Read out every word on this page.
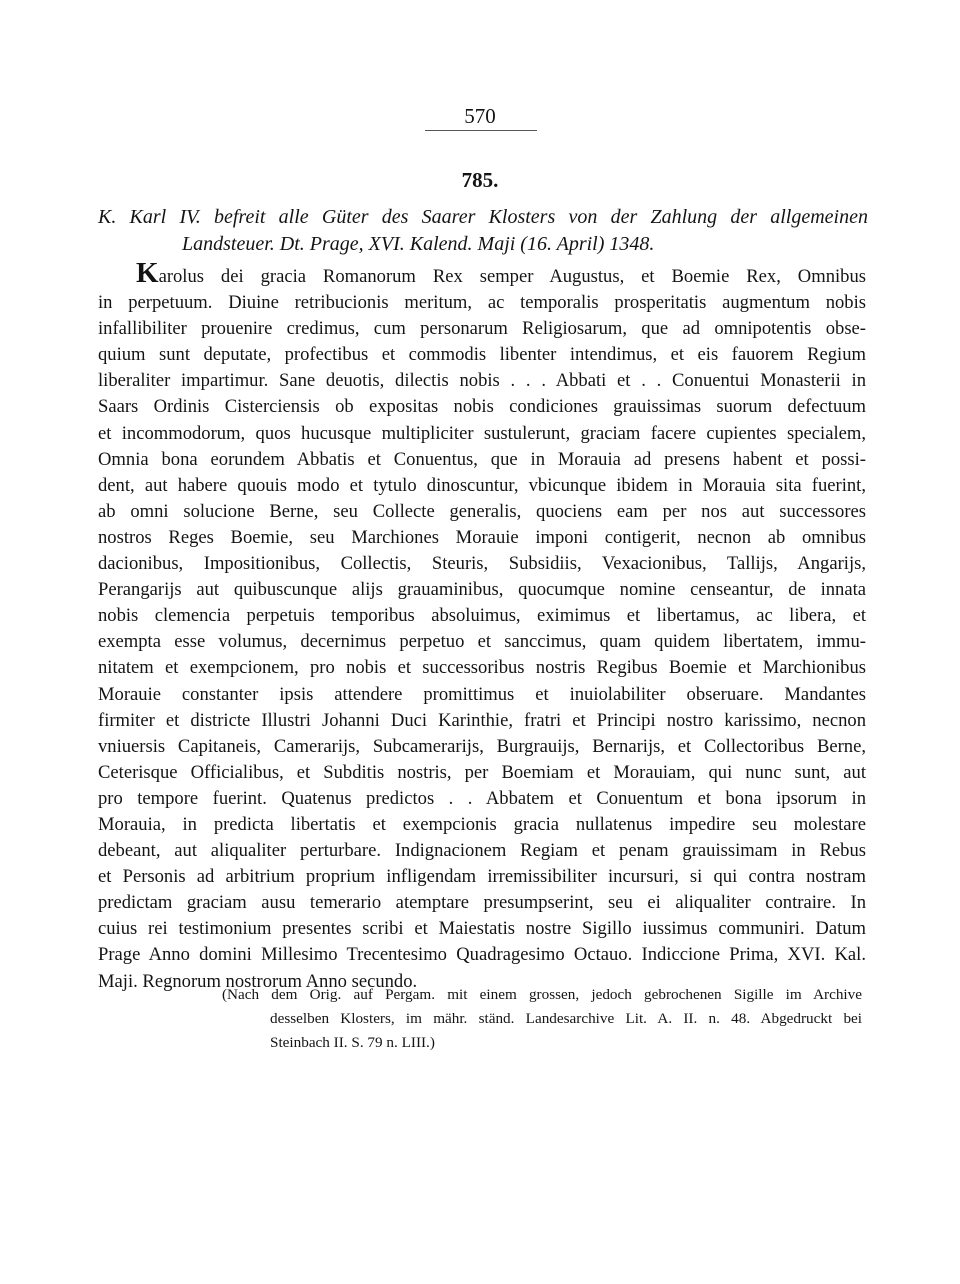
570
785.
K. Karl IV. befreit alle Güter des Saarer Klosters von der Zahlung der allgemeinen
Landsteuer. Dt. Prage, XVI. Kalend. Maji (16. April) 1348.
Karolus dei gracia Romanorum Rex semper Augustus, et Boemie Rex, Omnibus
in perpetuum. Diuine retribucionis meritum, ac temporalis prosperitatis augmentum nobis
infallibiliter prouenire credimus, cum personarum Religiosarum, que ad omnipotentis obse-
quium sunt deputate, profectibus et commodis libenter intendimus, et eis fauorem Regium
liberaliter impartimur. Sane deuotis, dilectis nobis . . . Abbati et . . Conuentui Monasterii in
Saars Ordinis Cisterciensis ob expositas nobis condiciones grauissimas suorum defectuum
et incommodorum, quos hucusque multipliciter sustulerunt, graciam facere cupientes specialem,
Omnia bona eorundem Abbatis et Conuentus, que in Morauia ad presens habent et possi-
dent, aut habere quouis modo et tytulo dinoscuntur, vbicunque ibidem in Morauia sita fuerint,
ab omni solucione Berne, seu Collecte generalis, quociens eam per nos aut successores
nostros Reges Boemie, seu Marchiones Morauie imponi contigerit, necnon ab omnibus
dacionibus, Impositionibus, Collectis, Steuris, Subsidiis, Vexacionibus, Tallijs, Angarijs,
Perangarijs aut quibuscunque alijs grauaminibus, quocumque nomine censeantur, de innata
nobis clemencia perpetuis temporibus absoluimus, eximimus et libertamus, ac libera, et
exempta esse volumus, decernimus perpetuo et sanccimus, quam quidem libertatem, immu-
nitatem et exempcionem, pro nobis et successoribus nostris Regibus Boemie et Marchionibus
Morauie constanter ipsis attendere promittimus et inuiolabiliter obseruare. Mandantes
firmiter et districte Illustri Johanni Duci Karinthie, fratri et Principi nostro karissimo, necnon
vniuersis Capitaneis, Camerarijs, Subcamerarijs, Burgrauijs, Bernarijs, et Collectoribus Berne,
Ceterisque Officialibus, et Subditis nostris, per Boemiam et Morauiam, qui nunc sunt, aut
pro tempore fuerint. Quatenus predictos . . Abbatem et Conuentum et bona ipsorum in
Morauia, in predicta libertatis et exempcionis gracia nullatenus impedire seu molestare
debeant, aut aliqualiter perturbare. Indignacionem Regiam et penam grauissimam in Rebus
et Personis ad arbitrium proprium infligendam irremissibiliter incursuri, si qui contra nostram
predictam graciam ausu temerario atemptare presumpserint, seu ei aliqualiter contraire. In
cuius rei testimonium presentes scribi et Maiestatis nostre Sigillo iussimus communiri. Datum
Prage Anno domini Millesimo Trecentesimo Quadragesimo Octauo. Indiccione Prima, XVI. Kal.
Maji. Regnorum nostrorum Anno secundo.
(Nach dem Orig. auf Pergam. mit einem grossen, jedoch gebrochenen Sigille im Archive
desselben Klosters, im mähr. ständ. Landesarchive Lit. A. II. n. 48. Abgedruckt bei
Steinbach II. S. 79 n. LIII.)
